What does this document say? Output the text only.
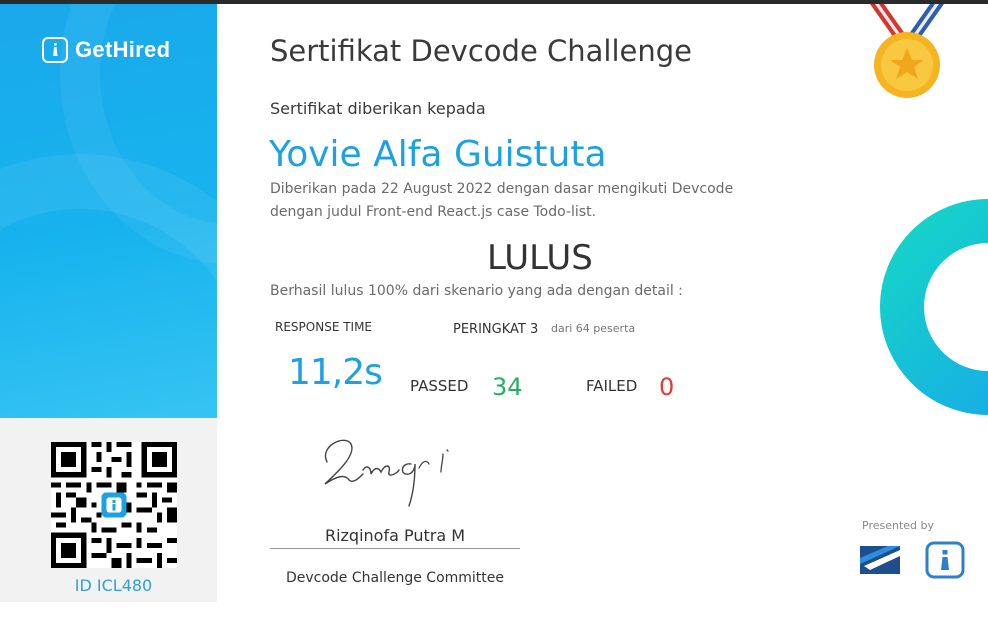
GetHired
ID ICL480
Sertifikat Devcode Challenge
Sertifikat diberikan kepada
Yovie Alfa Guistuta
Diberikan pada 22 August 2022 dengan dasar mengikuti Devcode dengan judul Front-end React.js case Todo-list.
LULUS
Berhasil lulus 100% dari skenario yang ada dengan detail :
RESPONSE TIME	PERINGKAT 3 dari 64 peserta
11,2s PASSED 34	FAILED 0
Rizqinofa Putra M
Devcode Challenge Committee
Presented by
